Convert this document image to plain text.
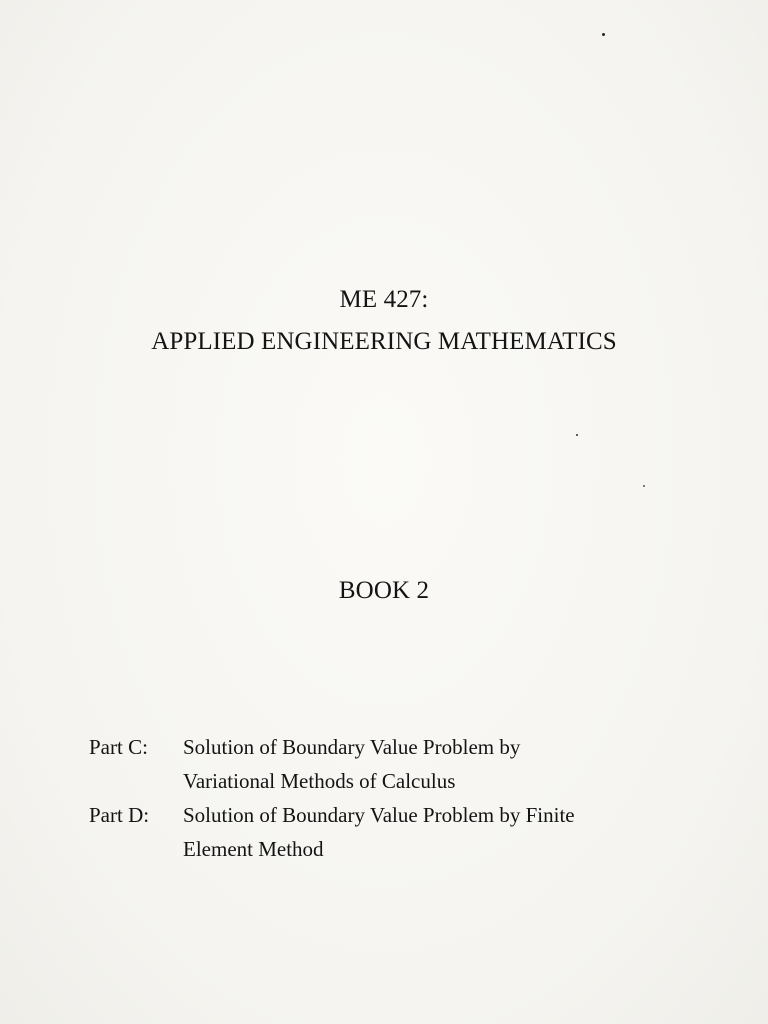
ME 427:
APPLIED ENGINEERING MATHEMATICS
BOOK 2
Part C: Solution of Boundary Value Problem by
Variational Methods of Calculus
Part D: Solution of Boundary Value Problem by Finite
Element Method
